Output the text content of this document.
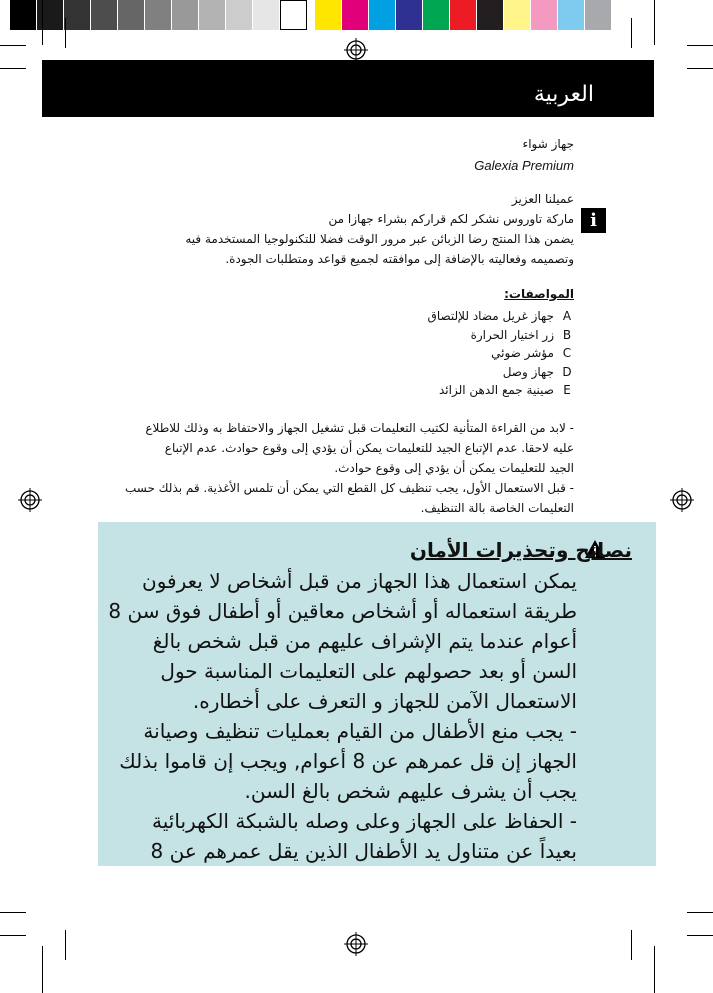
العربية
جهاز شواء
Galexia Premium
i
عميلنا العزيز
ماركة تاوروس نشكر لكم قراركم بشراء جهازا من
يضمن هذا المنتج رضا الزبائن عبر مرور الوقت فضلا للتكنولوجيا المستخدمة فيه
وتصميمه وفعاليته بالإضافة إلى موافقته لجميع قواعد ومتطلبات الجودة.
المواصفات:
A
جهاز غريل مضاد للإلتصاق
B
زر اختيار الحرارة
C
مؤشر ضوئي
D
جهاز وصل
E
صينية جمع الدهن الزائد
- لابد من القراءة المتأنية لكتيب التعليمات قبل تشغيل الجهاز والاحتفاظ به وذلك للاطلاع
عليه لاحقا. عدم الإتباع الجيد للتعليمات يمكن أن يؤدي إلى وقوع حوادث. عدم الإتباع
الجيد للتعليمات يمكن أن يؤدي إلى وقوع حوادث.
- قبل الاستعمال الأول، يجب تنظيف كل القطع التي يمكن أن تلمس الأغذية. قم بذلك حسب
التعليمات الخاصة بالة التنظيف.
نصائح وتحذيرات الأمان
يمكن استعمال هذا الجهاز من قبل أشخاص لا يعرفون
طريقة استعماله أو أشخاص معاقين أو أطفال فوق سن 8
أعوام عندما يتم الإشراف عليهم من قبل شخص بالغ
السن أو بعد حصولهم على التعليمات المناسبة حول
الاستعمال الآمن للجهاز و التعرف على أخطاره.
- يجب منع الأطفال من القيام بعمليات تنظيف وصيانة
الجهاز إن قل عمرهم عن 8 أعوام, ويجب إن قاموا بذلك
يجب أن يشرف عليهم شخص بالغ السن.
- الحفاظ على الجهاز وعلى وصله بالشبكة الكهربائية
بعيداً عن متناول يد الأطفال الذين يقل عمرهم عن 8
